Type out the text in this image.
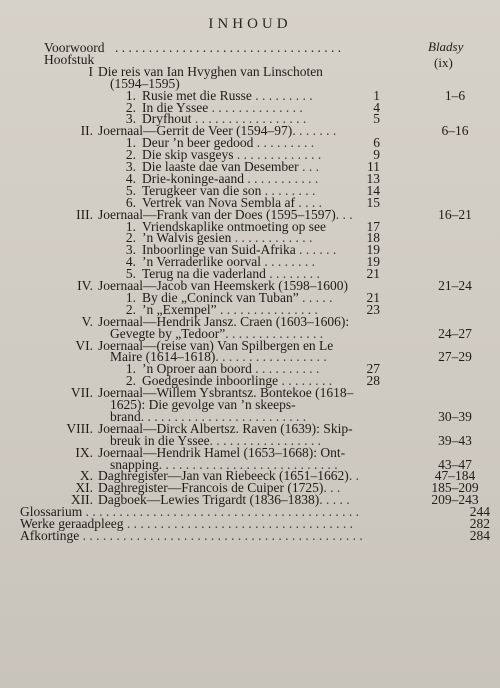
INHOUD
Bladsy
(ix)
Voorwoord . . . . . . . . . . . . . . . . . . . . . . . . . . . . . . . . . .
Hoofstuk
I Die reis van Ian Hvyghen van Linschoten
(1594–1595)
1. Rusie met die Russe . . . . . . . . .	1	1–6
2. In die Yssee . . . . . . . . . . . . . .	4
3. Dryfhout . . . . . . . . . . . . . . . . .	5
II. Joernaal—Gerrit de Veer (1594–97) . . . . . . .	6–16
1. Deur ’n beer gedood . . . . . . . . .	6
2. Die skip vasgeys . . . . . . . . . . . . .	9
3. Die laaste dae van Desember . . .	11
4. Drie-koninge-aand . . . . . . . . . . .	13
5. Terugkeer van die son . . . . . . . .	14
6. Vertrek van Nova Sembla af . . . .	15
III. Joernaal—Frank van der Does (1595–1597) . . .	16–21
1. Vriendskaplike ontmoeting op see	17
2. ’n Walvis gesien . . . . . . . . . . . .	18
3. Inboorlinge van Suid-Afrika . . . . . .	19
4. ’n Verraderlike oorval . . . . . . . .	19
5. Terug na die vaderland . . . . . . . .	21
IV. Joernaal—Jacob van Heemskerk (1598–1600)	21–24
1. By die „Coninck van Tuban” . . . . .	21
2. ’n „Exempel” . . . . . . . . . . . . . . .	23
V. Joernaal—Hendrik Jansz. Craen (1603–1606):
Gevegte by „Tedoor” . . . . . . . . . . . . . . .	24–27
VI. Joernaal—(reise van) Van Spilbergen en Le
Maire (1614–1618) . . . . . . . . . . . . . . . . .	27–29
1. ’n Oproer aan boord . . . . . . . . . .	27
2. Goedgesinde inboorlinge . . . . . . . .	28
VII. Joernaal—Willem Ysbrantsz. Bontekoe (1618–
1625): Die gevolge van ’n skeeps-
brand . . . . . . . . . . . . . . . . . . . . . . . . .	30–39
VIII. Joernaal—Dirck Albertsz. Raven (1639): Skip-
breuk in die Yssee . . . . . . . . . . . . . . . . .	39–43
IX. Joernaal—Hendrik Hamel (1653–1668): Ont-
snapping . . . . . . . . . . . . . . . . . . . . . . . . . . .	43–47
X. Daghregister—Jan van Riebeeck (1651–1662) . .	47–184
XI. Daghregister—Francois de Cuiper (1725) . . .	185–209
XII. Dagboek—Lewies Trigardt (1836–1838) . . . . .	209–243
Glossarium . . . . . . . . . . . . . . . . . . . . . . . . . . . . . . . . . . . . . . . . .	244
Werke geraadpleeg . . . . . . . . . . . . . . . . . . . . . . . . . . . . . . . . . .	282
Afkortinge . . . . . . . . . . . . . . . . . . . . . . . . . . . . . . . . . . . . . . . . . .	284
